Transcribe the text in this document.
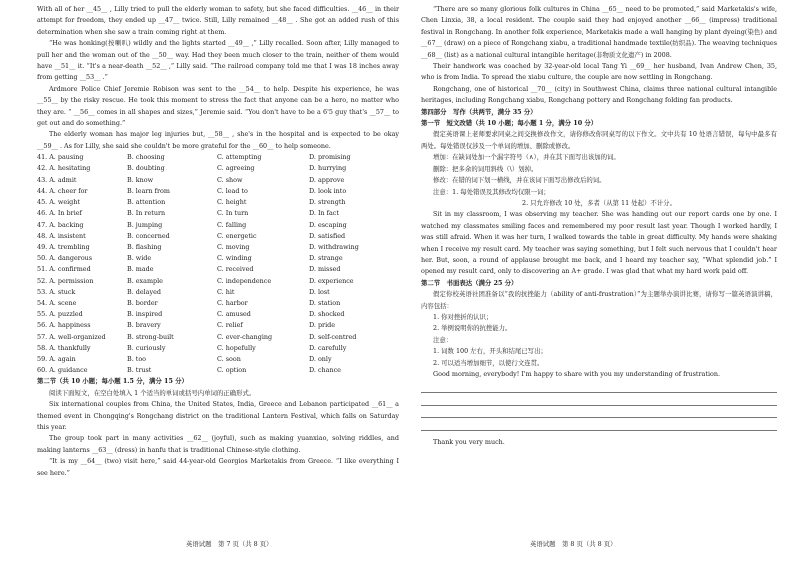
With all of her __45__ , Lilly tried to pull the elderly woman to safety, but she faced difficulties. __46__ in their attempt for freedom, they ended up __47__ twice. Still, Lilly remained __48__ . She got an added rush of this determination when she saw a train coming right at them.

“He was honking(按喇叭) wildly and the lights started __49__ ,” Lilly recalled. Soon after, Lilly managed to pull her and the woman out of the __50__ way. Had they been much closer to the train, neither of them would have __51__ it. “It's a near-death __52__ ,” Lilly said. “The railroad company told me that I was 18 inches away from getting __53__ .”

Ardmore Police Chief Jeremie Robison was sent to the __54__ to help. Despite his experience, he was __55__ by the risky rescue. He took this moment to stress the fact that anyone can be a hero, no matter who they are. “ __56__ comes in all shapes and sizes,” Jeremie said. “You don't have to be a 6'5 guy that's __57__ to get out and do something.”

The elderly woman has major leg injuries but, __58__ , she's in the hospital and is expected to be okay __59__ . As for Lilly, she said she couldn't be more grateful for the __60__ to help someone.

41. A. pausing	B. choosing	C. attempting	D. promising
42. A. hesitating	B. doubting	C. agreeing	D. hurrying
43. A. admit	B. know	C. show	D. approve
44. A. cheer for	B. learn from	C. lead to	D. look into
45. A. weight	B. attention	C. height	D. strength
46. A. In brief	B. In return	C. In turn	D. In fact
47. A. backing	B. jumping	C. falling	D. escaping
48. A. insistent	B. concerned	C. energetic	D. satisfied
49. A. trembling	B. flashing	C. moving	D. withdrawing
50. A. dangerous	B. wide	C. winding	D. strange
51. A. confirmed	B. made	C. received	D. missed
52. A. permission	B. example	C. independence	D. experience
53. A. stuck	B. delayed	C. hit	D. lost
54. A. scene	B. border	C. harbor	D. station
55. A. puzzled	B. inspired	C. amused	D. shocked
56. A. happiness	B. bravery	C. relief	D. pride
57. A. well-organized	B. strong-built	C. ever-changing	D. self-centred
58. A. thankfully	B. curiously	C. hopefully	D. carefully
59. A. again	B. too	C. soon	D. only
60. A. guidance	B. trust	C. option	D. chance

第二节（共 10 小题；每小题 1.5 分，满分 15 分）

阅读下面短文，在空白处填入 1 个适当的单词或括号内单词的正确形式。

Six international couples from China, the United States, India, Greece and Lebanon participated __61__ a themed event in Chongqing's Rongchang district on the traditional Lantern Festival, which falls on Saturday this year.

The group took part in many activities __62__ (joyful), such as making yuanxiao, solving riddles, and making lanterns __63__ (dress) in hanfu that is traditional Chinese-style clothing.

“It is my __64__ (two) visit here,” said 44-year-old Georgios Marketakis from Greece. “I like everything I see here.”

“There are so many glorious folk cultures in China __65__ need to be promoted,” said Marketakis's wife, Chen Linxia, 38, a local resident. The couple said they had enjoyed another __66__ (impress) traditional festival in Rongchang. In another folk experience, Marketakis made a wall hanging by plant dyeing(染色) and __67__ (draw) on a piece of Rongchang xiabu, a traditional handmade textile(纺织品). The weaving techniques __68__ (list) as a national cultural intangible heritage(非物质文化遗产) in 2008.

Their handwork was coached by 32-year-old local Tang Yi __69__ her husband, Ivan Andrew Chen, 35, who is from India. To spread the xiabu culture, the couple are now settling in Rongchang.

Rongchang, one of historical __70__ (city) in Southwest China, claims three national cultural intangible heritages, including Rongchang xiabu, Rongchang pottery and Rongchang folding fan products.

第四部分　写作（共两节，满分 35 分）

第一节　短文改错（共 10 小题；每小题 1 分，满分 10 分）

假定英语课上老师要求同桌之间交换修改作文，请你修改你同桌写的以下作文。文中共有 10 处语言错误，每句中最多有两处。每处错误仅涉及一个单词的增加、删除或修改。

增加：在缺词处加一个漏字符号（∧），并在其下面写出该加的词。

删除：把多余的词用斜线（\）划掉。

修改：在错的词下划一横线，并在该词下面写出修改后的词。

注意：1. 每处错误及其修改均仅限一词；

2. 只允许修改 10 处，多者（从第 11 处起）不计分。

Sit in my classroom, I was observing my teacher. She was handing out our report cards one by one. I watched my classmates smiling faces and remembered my poor result last year. Though I worked hardly, I was still afraid. When it was her turn, I walked towards the table in great difficulty. My hands were shaking when I receive my result card. My teacher was saying something, but I felt such nervous that I couldn't hear her. But, soon, a round of applause brought me back, and I heard my teacher say, “What splendid job.” I opened my result card, only to discovering an A+ grade. I was glad that what my hard work paid off.

第二节　书面表达（满分 25 分）

假定你校英语社团准备以“我的抗挫能力（ability of anti-frustration）”为主题举办演讲比赛，请你写一篇英语演讲稿，内容包括：

1. 你对挫折的认识；

2. 举例说明你的抗挫能力。

注意：

1. 词数 100 左右，开头和结尾已写出；

2. 可以适当增加细节，以使行文连贯。

Good morning, everybody! I'm happy to share with you my understanding of frustration.

Thank you very much.

英语试题　第 7 页（共 8 页）	英语试题　第 8 页（共 8 页）
